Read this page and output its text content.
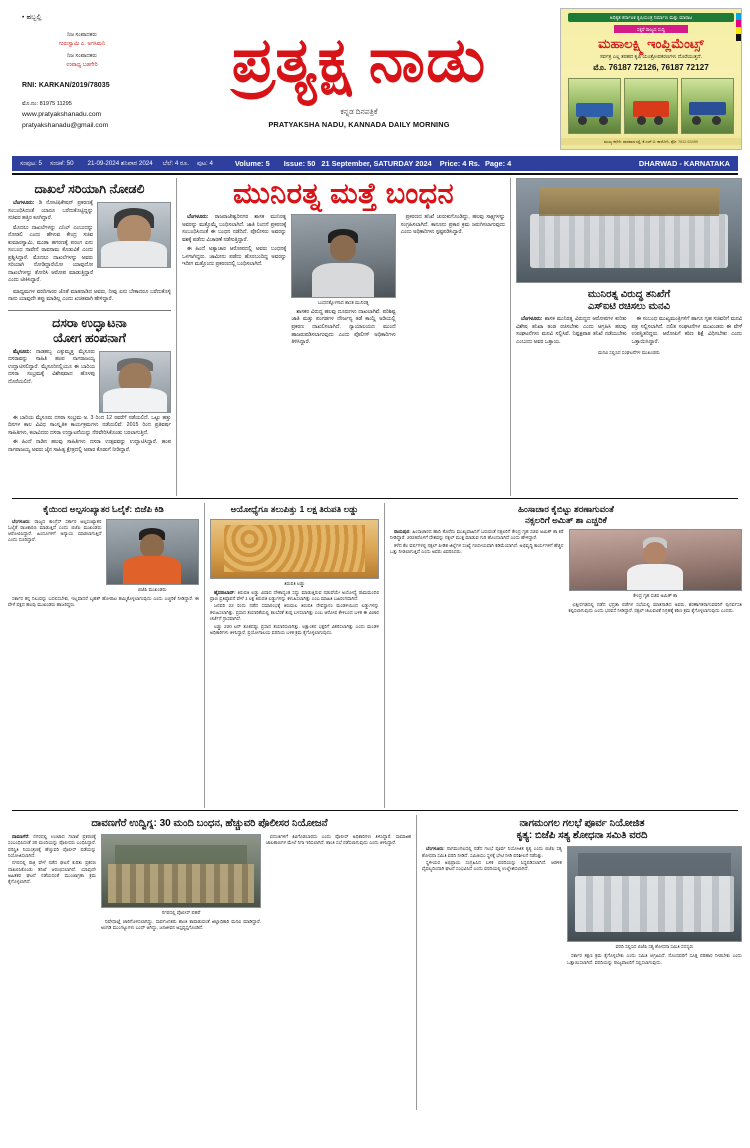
• ಹಬ್ಬಲ್ಲಿ
ನಿಜ ಸಂಪಾದಕರು
ಗುರುಸ್ವಾಮಿ ಎ. ಅಗಸಿಮನಿ
ನಿಜ ಸಂಪಾದಕರು
ಉಪಾಧ್ಯ ಬಡಗೇರಿ
RNI: KARKAN/2019/78035
ಮೊ.ನಂ: 81975 11295
www.pratyakshanadu.com
pratyakshanadu@gmail.com
ಪ್ರತ್ಯಕ್ಷ ನಾಡು
ಕನ್ನಡ ದಿನಪತ್ರಿಕೆ
PRATYAKSHA NADU, KANNADA DAILY MORNING
ಅಧಿಕೃತ ಕರ್ನಾಟಕ ಕೃಷಿಯಂತ್ರ ನಿರ್ಮಾಣ ಮತ್ತು ಮಾರಾಟ
ಸಕ್ಕರೆ ರಾಜ್ಯದ ಸುದ್ದಿ
ಮಹಾಲಕ್ಷ್ಮಿ ಇಂಪ್ಲಿಮೆಂಟ್ಸ್
ಸರ್ವತ್ರ ಎಲ್ಲ ತರಹದ ಕೃಷಿ ಯಂತ್ರೋಪಕರಣಗಳು ದೊರೆಯುತ್ತದೆ.
ಮೊ. 76187 72126, 76187 72127
ಮುಖ್ಯ ಕಛೇರಿ: ಧಾರವಾಡ ರಸ್ತೆ, ಕೆ.ಎಚ್.ಬಿ. ಕಾಲೋನಿ, ಫೋ: 7611 63499
ಸಂಪುಟ: 5 ಸಂಚಿಕೆ: 50 21-09-2024 ಶನಿವಾರ 2024 ಬೆಲೆ: 4 ರೂ. ಪುಟ: 4	Volume: 5 Issue: 50 21 September, SATURDAY 2024 Price: 4 Rs. Page: 4	DHARWAD - KARNATAKA
ದಾಖಲೆ ಸರಿಯಾಗಿ ನೋಡಲಿ

ಬೆಂಗಳೂರು: ಡಿ ನೋಟಿಫಿಕೇಷನ್ ಪ್ರಕರಣಕ್ಕೆ ಸಂಬಂಧಿಸಿದಂತೆ ಯಾರೂ ಬರೆದುಕೊಟ್ಟಿದ್ದನ್ನು ಸಚಿವರ ಹತ್ತಿರ ಕೂಗಿದ್ದಾರೆ.

ಮೊದಲು ದಾಖಲೆಗಳನ್ನು ಎನಿಲ್ ಎಂಬುದನ್ನು ನೋಡಲಿ ಎಂದು ಹೇಳುವ ಕೇಂದ್ರ ಸಚಿವ ಕುಮಾರಸ್ವಾಮಿ, ಮುಡಾ ಹಗರಣಕ್ಕೆ ಪರಂಗ ಏನು ಸಂಬಂಧ ನಾವೇನೆ ರಾವನಾಮ ಕೊಡುವಿಕೆ ಎಂದು ಪ್ರಶ್ನಿಸಿದ್ದಾರೆ. ಮೊದಲು ದಾಖಲೆಗಳನ್ನು ಅವರು ಸರಿಯಾಗಿ ನೋಡಿದ್ದಾರೆಯೋ ಯಾವುದೋ ದಾಖಲೆಗಳನ್ನು ತೋರಿಸಿ ಆರೋಪ ಮಾಡುತ್ತಿದ್ದಾರೆ ಎಂದು ಟೀಕಿಸಿದ್ದಾರೆ.

ಮಾಧ್ಯಮಗಳ ವರದಿಗಾರರ ಜೊತೆ ಮಾತನಾಡಿದ ಅವರು, ನೀವು ಏನು ಬೇಕಾದರೂ ಬರೆದುಕೊಳ್ಳಿ ನಾನು ಯಾವುದೇ ತಪ್ಪು ಮಾಡಿಲ್ಲ ಎಂದು ಖಚಿತವಾಗಿ ಹೇಳಿದ್ದಾರೆ.

ದಸರಾ ಉದ್ಘಾಟನಾ
ಯೋಗ ಹಂಪನಾಗೆ

ಮೈಸೂರು: ನಾಡಹಬ್ಬ ಎಕ್ಕುಮ್ಮತ್ತ ಮೈಸೂರು ದಸರಾವನ್ನು ಸಾಹಿತಿ ಹಂಪ ನಾಗರಾಜಯ್ಯ ಉದ್ಘಾಟಿಸಲಿದ್ದಾರೆ. ಮೈಸೂರಿನಲ್ಲಿಯೂ ಈ ಬಾರಿಯ ದಸರಾ ಸಂಭ್ರಮಕ್ಕೆ ವಿಶೇಷವಾದ ಹೊಳಪು ದೊರೆಯಲಿದೆ.

ಈ ಬಾರಿಯ ಮೈಸೂರು ದಸರಾ ಸಂಭ್ರಮ ಅ. 3 ರಿಂದ 12 ರವರೆಗೆ ನಡೆಯಲಿದೆ. ಒಟ್ಟು ಹತ್ತು ದಿನಗಳ ಕಾಲ ವಿವಿಧ ಸಾಂಸ್ಕೃತಿಕ ಕಾರ್ಯಕ್ರಮಗಳು ನಡೆಯಲಿವೆ. 2015 ರಿಂದ ಪ್ರತಿವರ್ಷ ಸಾಹಿತಿಗಳು, ಕಲಾವಿದರು ದಸರಾ ಉದ್ಘಾಟನೆಯನ್ನು ನೆರವೇರಿಸಿಕೊಂಡು ಬರಲಾಗುತ್ತಿದೆ.

ಈ ಹಿಂದೆ ನಾಡಿನ ಹಲವು ಸಾಹಿತಿಗಳು ದಸರಾ ಉತ್ಸವವನ್ನು ಉದ್ಘಾಟಿಸಿದ್ದಾರೆ. ಹಂಪ ನಾಗರಾಜಯ್ಯ ಅವರು ಜೈನ ಸಾಹಿತ್ಯ ಕ್ಷೇತ್ರದಲ್ಲಿ ಅಪಾರ ಕೊಡುಗೆ ನೀಡಿದ್ದಾರೆ.

ಮುನಿರತ್ನ ಮತ್ತೆ ಬಂಧನ

ಬೆಂಗಳೂರು: ರಾಜರಾಜೇಶ್ವರಿನಗರ ಶಾಸಕ ಮುನಿರತ್ನ ಅವರನ್ನು ಮತ್ತೊಮ್ಮೆ ಬಂಧಿಸಲಾಗಿದೆ. ಜಾತಿ ನಿಂದನೆ ಪ್ರಕರಣಕ್ಕೆ ಸಂಬಂಧಿಸಿದಂತೆ ಈ ಬಂಧನ ನಡೆದಿದೆ. ಪೊಲೀಸರು ಅವರನ್ನು ವಶಕ್ಕೆ ಪಡೆದು ವಿಚಾರಣೆ ನಡೆಸುತ್ತಿದ್ದಾರೆ.

ಈ ಹಿಂದೆ ಅತ್ಯಾಚಾರ ಆರೋಪದಲ್ಲಿ ಅವರು ಬಂಧನಕ್ಕೆ ಒಳಗಾಗಿದ್ದರು. ಜಾಮೀನು ಪಡೆದು ಹೊರಬಂದಿದ್ದ ಅವರನ್ನು ಇದೀಗ ಮತ್ತೊಂದು ಪ್ರಕರಣದಲ್ಲಿ ಬಂಧಿಸಲಾಗಿದೆ.

ಬಂಧನಕ್ಕೊಳಗಾದ ಶಾಸಕ ಮುನಿರತ್ನ

ಶಾಸಕರ ವಿರುದ್ಧ ಹಲವು ದೂರುಗಳು ದಾಖಲಾಗಿವೆ. ಪರಿಶಿಷ್ಟ ಜಾತಿ ಮತ್ತು ಪಂಗಡಗಳ ದೌರ್ಜನ್ಯ ತಡೆ ಕಾಯ್ದೆ ಅಡಿಯಲ್ಲಿ ಪ್ರಕರಣ ದಾಖಲಿಸಲಾಗಿದೆ. ನ್ಯಾಯಾಲಯದ ಮುಂದೆ ಹಾಜರುಪಡಿಸಲಾಗುವುದು ಎಂದು ಪೊಲೀಸ್ ಅಧಿಕಾರಿಗಳು ತಿಳಿಸಿದ್ದಾರೆ.

ಪ್ರಕರಣದ ತನಿಖೆ ಚುರುಕುಗೊಂಡಿದ್ದು, ಹಲವು ಸಾಕ್ಷ್ಯಗಳನ್ನು ಸಂಗ್ರಹಿಸಲಾಗಿದೆ. ಕಾನೂನು ಪ್ರಕಾರ ಕ್ರಮ ಜರುಗಿಸಲಾಗುವುದು ಎಂದು ಅಧಿಕಾರಿಗಳು ಸ್ಪಷ್ಟಪಡಿಸಿದ್ದಾರೆ.

ಮುನಿರತ್ನ ವಿರುದ್ಧ ತನಿಖೆಗೆ
ಎಸ್‌ಐಟಿ ರಚಿಸಲು ಮನವಿ

ಬೆಂಗಳೂರು: ಶಾಸಕ ಮುನಿರತ್ನ ವಿರುದ್ಧದ ಆರೋಪಗಳ ಕುರಿತು ವಿಶೇಷ ತನಿಖಾ ತಂಡ ರಚಿಸಬೇಕು ಎಂದು ಆಗ್ರಹಿಸಿ ಹಲವು ಸಂಘಟನೆಗಳು ಮನವಿ ಸಲ್ಲಿಸಿವೆ. ನಿಷ್ಪಕ್ಷಪಾತ ತನಿಖೆ ನಡೆಯಬೇಕು ಎಂಬುದು ಅವರ ಒತ್ತಾಯ.

ಈ ಸಂಬಂಧ ಮುಖ್ಯಮಂತ್ರಿಗಳಿಗೆ ಹಾಗೂ ಗೃಹ ಸಚಿವರಿಗೆ ಮನವಿ ಪತ್ರ ಸಲ್ಲಿಸಲಾಗಿದೆ. ದಲಿತ ಸಂಘಟನೆಗಳ ಮುಖಂಡರು ಈ ವೇಳೆ ಉಪಸ್ಥಿತರಿದ್ದರು. ಆರೋಪಿಗೆ ಕಠಿಣ ಶಿಕ್ಷೆ ವಿಧಿಸಬೇಕು ಎಂದು ಒತ್ತಾಯಿಸಿದ್ದಾರೆ.

ಮನವಿ ಸಲ್ಲಿಸಿದ ಸಂಘಟನೆಗಳ ಮುಖಂಡರು
ಕೈಯಿಂದ ಅಲ್ಪಸಂಖ್ಯಾತರ ಓಲೈಕೆ: ಬಿಜೆಪಿ ಕಿಡಿ

ಬೆಂಗಳೂರು: ರಾಜ್ಯದ ಕಾಂಗ್ರೆಸ್ ಸರ್ಕಾರ ಅಲ್ಪಸಂಖ್ಯಾತರ ಓಲೈಕೆ ರಾಜಕಾರಣ ಮಾಡುತ್ತಿದೆ ಎಂದು ಬಿಜೆಪಿ ಮುಖಂಡರು ಆರೋಪಿಸಿದ್ದಾರೆ. ಹಿಂದೂಗಳಿಗೆ ಅನ್ಯಾಯ ಮಾಡಲಾಗುತ್ತಿದೆ ಎಂದು ದೂರಿದ್ದಾರೆ.

ಬಿಜೆಪಿ ಮುಖಂಡರು

ಸರ್ಕಾರ ತನ್ನ ನಿಲುವನ್ನು ಬದಲಿಸಬೇಕು, ಇಲ್ಲವಾದರೆ ಬೃಹತ್ ಹೋರಾಟ ಹಮ್ಮಿಕೊಳ್ಳಲಾಗುವುದು ಎಂದು ಎಚ್ಚರಿಕೆ ನೀಡಿದ್ದಾರೆ. ಈ ವೇಳೆ ಪಕ್ಷದ ಹಲವು ಮುಖಂಡರು ಹಾಜರಿದ್ದರು.

ಅಯೋಧ್ಯೆಗೂ ತಲುಪಿತ್ತು 1 ಲಕ್ಷ ತಿರುಪತಿ ಲಡ್ಡು
ತಿರುಪತಿ ಲಡ್ಡು

ಹೈದರಾಬಾದ್: ತಿರುಪತಿ ಲಡ್ಡು ವಿವಾದ ದೇಶಾದ್ಯಂತ ಸದ್ದು ಮಾಡುತ್ತಿರುವ ನಡುವೆಯೇ ಅಯೋಧ್ಯೆ ರಾಮಮಂದಿರ ಪ್ರಾಣ ಪ್ರತಿಷ್ಠಾಪನೆ ವೇಳೆ 1 ಲಕ್ಷ ತಿರುಪತಿ ಲಡ್ಡುಗಳನ್ನು ಕಳುಹಿಸಲಾಗಿತ್ತು ಎಂಬ ಮಾಹಿತಿ ಬಹಿರಂಗವಾಗಿದೆ.

ಜನವರಿ 22 ರಂದು ನಡೆದ ಸಮಾರಂಭಕ್ಕೆ ತಿರುಮಲ ತಿರುಪತಿ ದೇವಸ್ಥಾನಂ ಮಂಡಳಿಯಿಂದ ಲಡ್ಡುಗಳನ್ನು ಕಳುಹಿಸಲಾಗಿತ್ತು. ಪ್ರಸಾದ ತಯಾರಿಕೆಯಲ್ಲಿ ಕಲಬೆರಕೆ ತುಪ್ಪ ಬಳಸಲಾಗಿತ್ತು ಎಂಬ ಆರೋಪ ಕೇಳಿಬಂದ ಬಳಿಕ ಈ ವಿಚಾರ ಚರ್ಚೆಗೆ ಗ್ರಾಸವಾಗಿದೆ.

ಲಡ್ಡು 220 ಟನ್ ತೂಕದಷ್ಟು ಪ್ರಸಾದ ತಯಾರಿಸಲಾಗಿತ್ತು. ಲಕ್ಷಾಂತರ ಭಕ್ತರಿಗೆ ವಿತರಿಸಲಾಗಿತ್ತು ಎಂದು ಮಂಡಳಿ ಅಧಿಕಾರಿಗಳು ತಿಳಿಸಿದ್ದಾರೆ. ಪ್ರಯೋಗಾಲಯ ವರದಿಯ ಬಳಿಕ ಕ್ರಮ ಕೈಗೊಳ್ಳಲಾಗುವುದು.

ಹಿಂಸಾಚಾರ ಕೈಬಿಟ್ಟು ಶರಣಾಗುವಂತೆ
ನಕ್ಸಲರಿಗೆ ಅಮಿತ್ ಶಾ ಎಚ್ಚರಿಕೆ

ರಾಯಪುರ: ಹಿಂಸಾಚಾರದ ಹಾದಿ ತೊರೆದು ಮುಖ್ಯವಾಹಿನಿಗೆ ಬರುವಂತೆ ನಕ್ಸಲರಿಗೆ ಕೇಂದ್ರ ಗೃಹ ಸಚಿವ ಅಮಿತ್ ಶಾ ಕರೆ ನೀಡಿದ್ದಾರೆ. 2026ರೊಳಗೆ ದೇಶವನ್ನು ನಕ್ಸಲ್ ಮುಕ್ತ ಮಾಡುವ ಗುರಿ ಹೊಂದಲಾಗಿದೆ ಎಂದು ಹೇಳಿದ್ದಾರೆ.

ಕಳೆದ ಕೆಲ ವರ್ಷಗಳಲ್ಲಿ ನಕ್ಸಲ್ ಪೀಡಿತ ಜಿಲ್ಲೆಗಳ ಸಂಖ್ಯೆ ಗಣನೀಯವಾಗಿ ಕಡಿಮೆಯಾಗಿದೆ. ಅಭಿವೃದ್ಧಿ ಕಾರ್ಯಗಳಿಗೆ ಹೆಚ್ಚಿನ ಒತ್ತು ನೀಡಲಾಗುತ್ತಿದೆ ಎಂದು ಅವರು ವಿವರಿಸಿದರು.

ಕೇಂದ್ರ ಗೃಹ ಸಚಿವ ಅಮಿತ್ ಶಾ

ಛತ್ತೀಸಗಢದಲ್ಲಿ ನಡೆದ ಭದ್ರತಾ ಪಡೆಗಳ ಸಭೆಯಲ್ಲಿ ಮಾತನಾಡಿದ ಅವರು, ಶರಣಾಗತರಾಗುವವರಿಗೆ ಪುನರ್ವಸತಿ ಕಲ್ಪಿಸಲಾಗುವುದು ಎಂದು ಭರವಸೆ ನೀಡಿದ್ದಾರೆ. ನಕ್ಸಲ್ ಚಟುವಟಿಕೆ ನಿಗ್ರಹಕ್ಕೆ ಕಠಿಣ ಕ್ರಮ ಕೈಗೊಳ್ಳಲಾಗುವುದು ಎಂದರು.

ದಾವಣಗೆರೆ ಉದ್ವಿಗ್ನ: 30 ಮಂದಿ ಬಂಧನ, ಹೆಚ್ಚುವರಿ ಪೊಲೀಸರ ನಿಯೋಜನೆ

ದಾವಣಗೆರೆ: ನಗರದಲ್ಲಿ ಉಂಟಾದ ಗಲಾಟೆ ಪ್ರಕರಣಕ್ಕೆ ಸಂಬಂಧಿಸಿದಂತೆ 30 ಮಂದಿಯನ್ನು ಪೊಲೀಸರು ಬಂಧಿಸಿದ್ದಾರೆ. ಪರಿಸ್ಥಿತಿ ನಿಯಂತ್ರಣಕ್ಕೆ ಹೆಚ್ಚುವರಿ ಪೊಲೀಸ್ ಪಡೆಯನ್ನು ನಿಯೋಜಿಸಲಾಗಿದೆ.

ನಗರದಲ್ಲಿ ರಾತ್ರಿ ವೇಳೆ ನಡೆದ ಘಟನೆ ಕುರಿತು ಪ್ರಕರಣ ದಾಖಲಿಸಿಕೊಂಡು ತನಿಖೆ ಆರಂಭಿಸಲಾಗಿದೆ. ಯಾವುದೇ ಅಹಿತಕರ ಘಟನೆ ನಡೆಯದಂತೆ ಮುಂಜಾಗ್ರತಾ ಕ್ರಮ ಕೈಗೊಳ್ಳಲಾಗಿದೆ.

ನಗರದಲ್ಲಿ ಪೊಲೀಸ್ ಪಹರೆ

ನಿಷೇಧಾಜ್ಞೆ ಜಾರಿಗೊಳಿಸಲಾಗಿದ್ದು, ಸಾರ್ವಜನಿಕರು ಶಾಂತಿ ಕಾಪಾಡುವಂತೆ ಜಿಲ್ಲಾಧಿಕಾರಿ ಮನವಿ ಮಾಡಿದ್ದಾರೆ. ಅಂಗಡಿ ಮುಂಗಟ್ಟುಗಳು ಬಂದ್ ಆಗಿದ್ದು, ಜನಜೀವನ ಅಸ್ತವ್ಯಸ್ತಗೊಂಡಿದೆ.

ವದಂತಿಗಳಿಗೆ ಕಿವಿಗೊಡಬಾರದು ಎಂದು ಪೊಲೀಸ್ ಅಧಿಕಾರಿಗಳು ತಿಳಿಸಿದ್ದಾರೆ. ಸಾಮಾಜಿಕ ಜಾಲತಾಣಗಳ ಮೇಲೆ ನಿಗಾ ಇರಿಸಲಾಗಿದೆ. ಶಾಂತಿ ಸಭೆ ನಡೆಸಲಾಗುವುದು ಎಂದು ತಿಳಿಸಿದ್ದಾರೆ.

ನಾಗಮಂಗಲ ಗಲಭೆ ಪೂರ್ವ ನಿಯೋಜಿತ
ಕೃತ್ಯ: ಬಿಜೆಪಿ ಸತ್ಯ ಶೋಧನಾ ಸಮಿತಿ ವರದಿ

ಬೆಂಗಳೂರು: ನಾಗಮಂಗಲದಲ್ಲಿ ನಡೆದ ಗಲಭೆ ಪೂರ್ವ ನಿಯೋಜಿತ ಕೃತ್ಯ ಎಂದು ಬಿಜೆಪಿ ಸತ್ಯ ಶೋಧನಾ ಸಮಿತಿ ವರದಿ ನೀಡಿದೆ. ಸಮಿತಿಯು ಸ್ಥಳಕ್ಕೆ ಭೇಟಿ ನೀಡಿ ಪರಿಶೀಲನೆ ನಡೆಸಿತ್ತು.

ಸ್ಥಳೀಯರ ಅಭಿಪ್ರಾಯ ಸಂಗ್ರಹಿಸಿದ ಬಳಿಕ ವರದಿಯನ್ನು ಸಿದ್ಧಪಡಿಸಲಾಗಿದೆ. ಆಡಳಿತ ವೈಫಲ್ಯದಿಂದಾಗಿ ಘಟನೆ ಸಂಭವಿಸಿದೆ ಎಂದು ವರದಿಯಲ್ಲಿ ಉಲ್ಲೇಖಿಸಲಾಗಿದೆ.

ವರದಿ ಸಲ್ಲಿಸಿದ ಬಿಜೆಪಿ ಸತ್ಯ ಶೋಧನಾ ಸಮಿತಿ ಸದಸ್ಯರು

ಸರ್ಕಾರ ತಕ್ಷಣ ಕ್ರಮ ಕೈಗೊಳ್ಳಬೇಕು ಎಂದು ಸಮಿತಿ ಆಗ್ರಹಿಸಿದೆ. ನೊಂದವರಿಗೆ ಸೂಕ್ತ ಪರಿಹಾರ ನೀಡಬೇಕು ಎಂದು ಒತ್ತಾಯಿಸಲಾಗಿದೆ. ವರದಿಯನ್ನು ರಾಜ್ಯಪಾಲರಿಗೆ ಸಲ್ಲಿಸಲಾಗುವುದು.
